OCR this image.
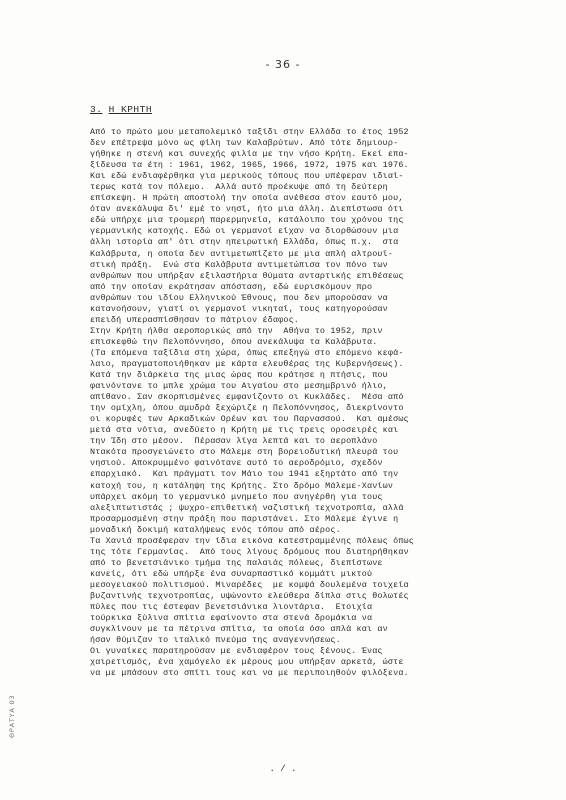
- 36 -
3. Η ΚΡΗΤΗ
Από το πρώτο μου μεταπολεμικό ταξίδι στην Ελλάδα το έτος 1952
δεν επέτρεψα μόνο ως φίλη των Καλαβρύτων. Από τότε δημιουρ-
γήθηκε η στενή και συνεχής φιλία με την νήσο Κρήτη. Εκεί επα-
ξίδευσα τα έτη : 1961, 1962, 1965, 1966, 1972, 1975 και 1976.
Και εδώ ενδιαφέρθηκα για μερικούς τόπους που υπέφεραν ιδιαί-
τερως κατά τον πόλεμο.  Αλλά αυτό προέκυψε από τη δεύτερη
επίσκεψη. Η πρώτη αποστολή την οποία ανέθεσα στον εαυτό μου,
όταν ανεκάλυψα δι' εμέ το νησί, ήτο μια άλλη. Διεπίστωσα ότι
εδώ υπήρχε μια τρομερή παρερμηνεία, κατάλοιπο του χρόνου της
γερμανικής κατοχής. Εδώ οι γερμανοί είχαν να διορθώσουν μια
άλλη ιστορία απ' ότι στην ηπειρωτική Ελλάδα, όπως π.χ.  στα
Καλάβρυτα, η οποία δεν αντιμετωπίζετο με μια απλή αλτρουϊ-
στική πράξη.  Ενώ στα Καλάβρυτα αντιμετώπισα τον πόνο των
ανθρώπων που υπήρξαν εξιλαστήρια θύματα ανταρτικής επιθέσεως
από την οποίαν εκράτησαν απόσταση, εδώ ευρισκόμουν προ
ανθρώπων του ιδίου Ελληνικού Έθνους, που δεν μπορούσαν να
κατανοήσουν, γιατί οι γερμανοί νικηταί, τους κατηγορούσαν
επειδή υπερασπίσθησαν το πάτριον έδαφος.
Στην Κρήτη ήλθα αεροπορικώς από την  Αθήνα το 1952, πριν
επισκεφθώ την Πελοπόννησο, όπου ανεκάλυψα τα Καλάβρυτα.
(Τα επόμενα ταξίδια στη χώρα, όπως επεξηγώ στο επόμενο κεφά-
λαιο, πραγματοποιήθηκαν με κάρτα ελευθέρας της Κυβερνήσεως).
Κατά την διάρκεια της μιας ώρας που κράτησε η πτήσις, που
φαινόντανε το μπλε χρώμα του Αιγαίου στο μεσημβρινό ήλιο,
απίθανο. Σαν σκορπισμένες εμφανίζοντο οι Κυκλάδες.  Μέσα από
την ομίχλη, όπου αμυδρά ξεχώριζε η Πελοπόννησος, διεκρίνοντο
οι κορυφές των Αρκαδικών Ορέων και του Παρνασσού.  Και αμέσως
μετά στα νότια, ανεδύετο η Κρήτη με τις τρεις οροσειρές και
την Ίδη στο μέσον.  Πέρασαν λίγα λεπτά και το αεροπλάνο
Ντακότα προσγειώνετο στο Μάλεμε στη βορειοδυτική πλευρά του
νησιού. Αποκρυμμένο φαινότανε αυτό το αεροδρόμιο, σχεδόν
επαρχιακό.  Και πράγματι τον Μάιο του 1941 εξηρτάτο από την
κατοχή του, η κατάληψη της Κρήτης. Στο δρόμο Μάλεμε-Χανίων
υπάρχει ακόμη το γερμανικό μνημείο που ανηγέρθη για τους
αλεξιπτωτιστάς ; ψυχρο-επιθετική ναζιστική τεχνοτροπία, αλλά
προσαρμοσμένη στην πράξη που παριστάνει. Στο Μάλεμε έγινε η
μοναδική δοκιμή καταλήψεως ενός τόπου από αέρος.
Τα Χανιά προσέφεραν την ίδια εικόνα κατεστραμμένης πόλεως όπως
της τότε Γερμανίας.  Από τους λίγους δρόμους που διατηρήθηκαν
από το βενετσιάνικο τμήμα της παλαιάς πόλεως, διεπίστωνε
κανείς, ότι εδώ υπήρξε ένα συναρπαστικό κομμάτι μικτού
μεσογειακού πολιτισμού. Μιναρέδες  με κομψά δουλεμένα τοιχεία
βυζαντινής τεχνοτροπίας, υψώνοντο ελεύθερα δίπλα στις θολωτές
πύλες που τις έστεφαν βενετσιάνικα λιοντάρια.  Ετοιχία
τούρκικα ξύλινα σπίτια εφαίνοντο στα στενά δρομάκια να
συγκλίνουν με τα πέτρινα σπίτια, τα οποία όσο απλά και αν
ήσαν θύμιζαν το ιταλικό πνεύμα της αναγεννήσεως.
Οι γυναίκες παρατηρούσαν με ενδιαφέρον τους ξένους. Ένας
χαιρετισμός, ένα χαμόγελο εκ μέρους μου υπήρξαν αρκετά, ώστε
να με μπάσουν στο σπίτι τους και να με περιποιηθούν φιλόξενα.
. / .
ΘΡΑΤΥΑ 03
